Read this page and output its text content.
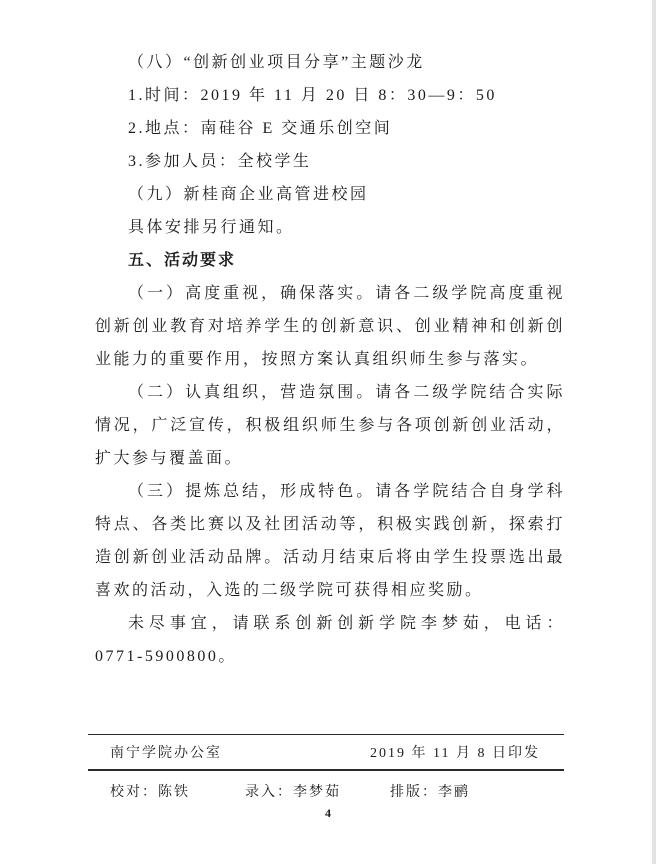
（八）“创新创业项目分享”主题沙龙

1.时间：2019 年 11 月 20 日 8：30—9：50

2.地点：南硅谷 E 交通乐创空间

3.参加人员：全校学生

（九）新桂商企业高管进校园

具体安排另行通知。

五、活动要求

（一）高度重视，确保落实。请各二级学院高度重视创新创业教育对培养学生的创新意识、创业精神和创新创业能力的重要作用，按照方案认真组织师生参与落实。

（二）认真组织，营造氛围。请各二级学院结合实际情况，广泛宣传，积极组织师生参与各项创新创业活动，扩大参与覆盖面。

（三）提炼总结，形成特色。请各学院结合自身学科特点、各类比赛以及社团活动等，积极实践创新，探索打造创新创业活动品牌。活动月结束后将由学生投票选出最喜欢的活动，入选的二级学院可获得相应奖励。

未尽事宜，请联系创新创新学院李梦茹，电话：0771-5900800。

南宁学院办公室	2019 年 11 月 8 日印发
校对：陈铁	录入：李梦茹	排版：李鹂
4
